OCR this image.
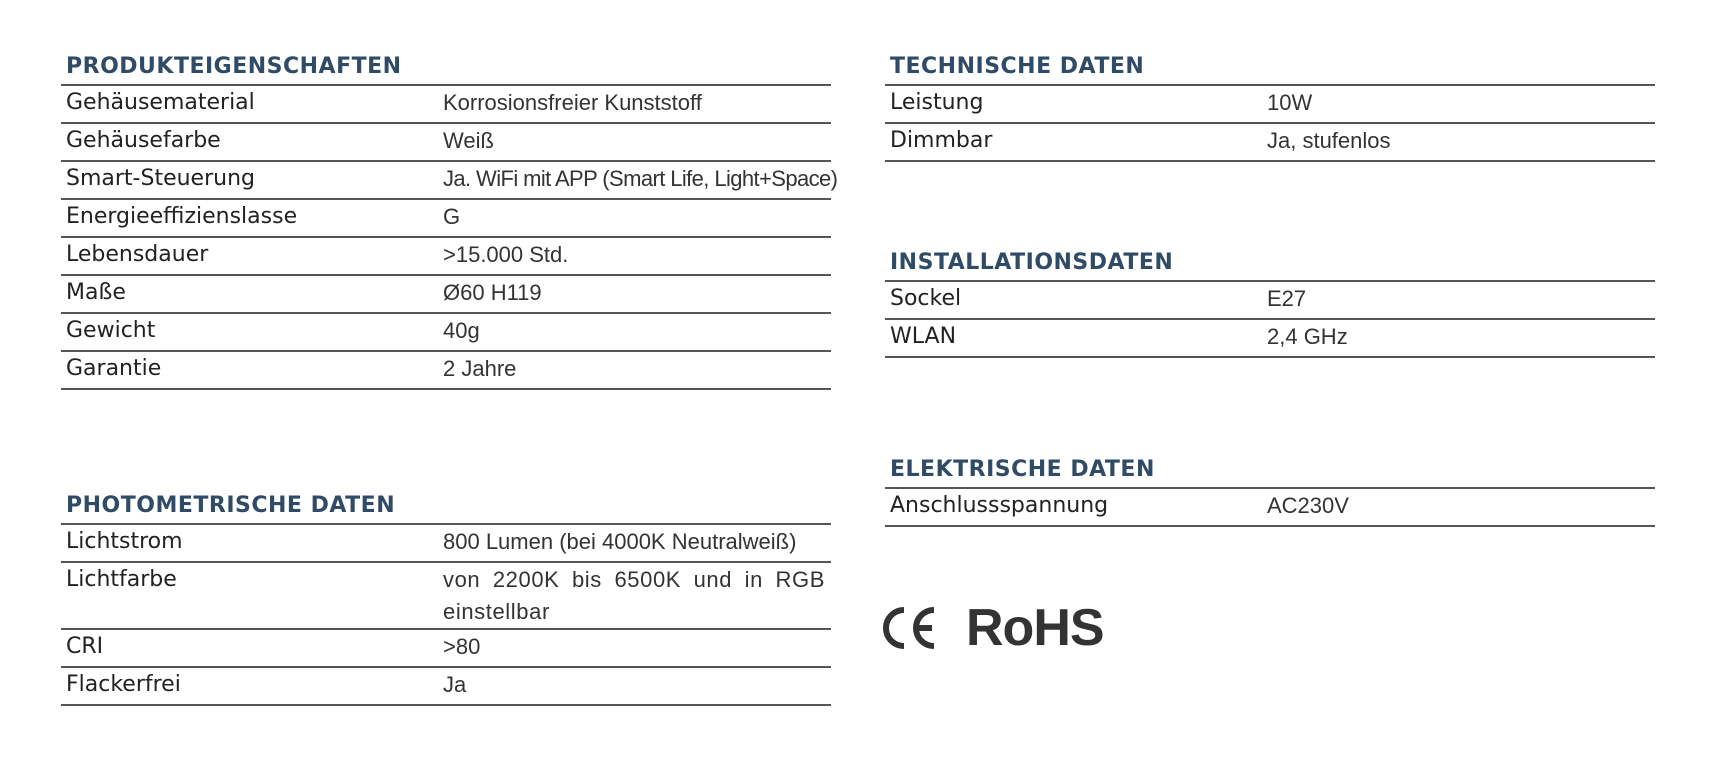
PRODUKTEIGENSCHAFTEN
Gehäusematerial	Korrosionsfreier Kunststoff
Gehäusefarbe	Weiß
Smart-Steuerung	Ja. WiFi mit APP (Smart Life, Light+Space)
Energieeffizienslasse	G
Lebensdauer	>15.000 Std.
Maße	Ø60 H119
Gewicht	40g
Garantie	2 Jahre
PHOTOMETRISCHE DATEN
Lichtstrom	800 Lumen (bei 4000K Neutralweiß)
Lichtfarbe	von 2200K bis 6500K und in RGB einstellbar
CRI	>80
Flackerfrei	Ja
TECHNISCHE DATEN
Leistung	10W
Dimmbar	Ja, stufenlos
INSTALLATIONSDATEN
Sockel	E27
WLAN	2,4 GHz
ELEKTRISCHE DATEN
Anschlussspannung	AC230V
RoHS
